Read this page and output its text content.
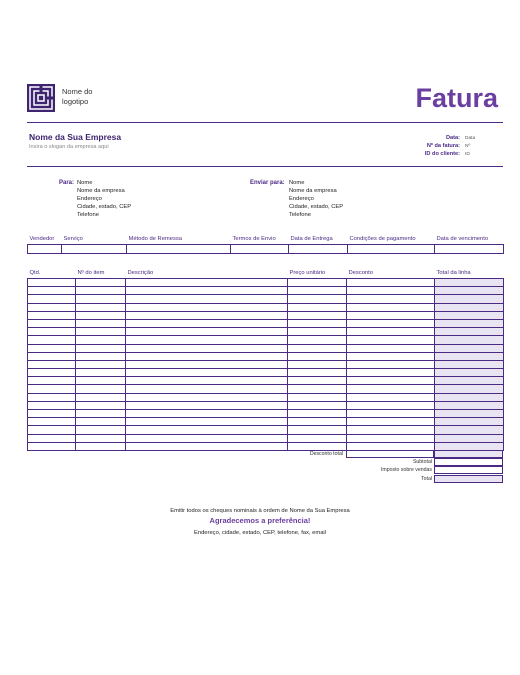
Nome do
logotipo	Fatura
Nome da Sua Empresa
Insira o slogan da empresa aqui
Data: Data
Nº da fatura: Nº
ID do cliente: ID
Para: Nome
Nome da empresa
Endereço
Cidade, estado, CEP
Telefone
Enviar para: Nome
Nome da empresa
Endereço
Cidade, estado, CEP
Telefone
Vendedor	Serviço	Método de Remessa	Termos de Envio	Data de Entrega	Condições de pagamento	Data de vencimento

Qtd.	Nº do item	Descrição	Preço unitário	Desconto	Total da linha

Desconto total
Subtotal
Imposto sobre vendas
Total
Emitir todos os cheques nominais à ordem de Nome da Sua Empresa
Agradecemos a preferência!
Endereço, cidade, estado, CEP, telefone, fax, email
